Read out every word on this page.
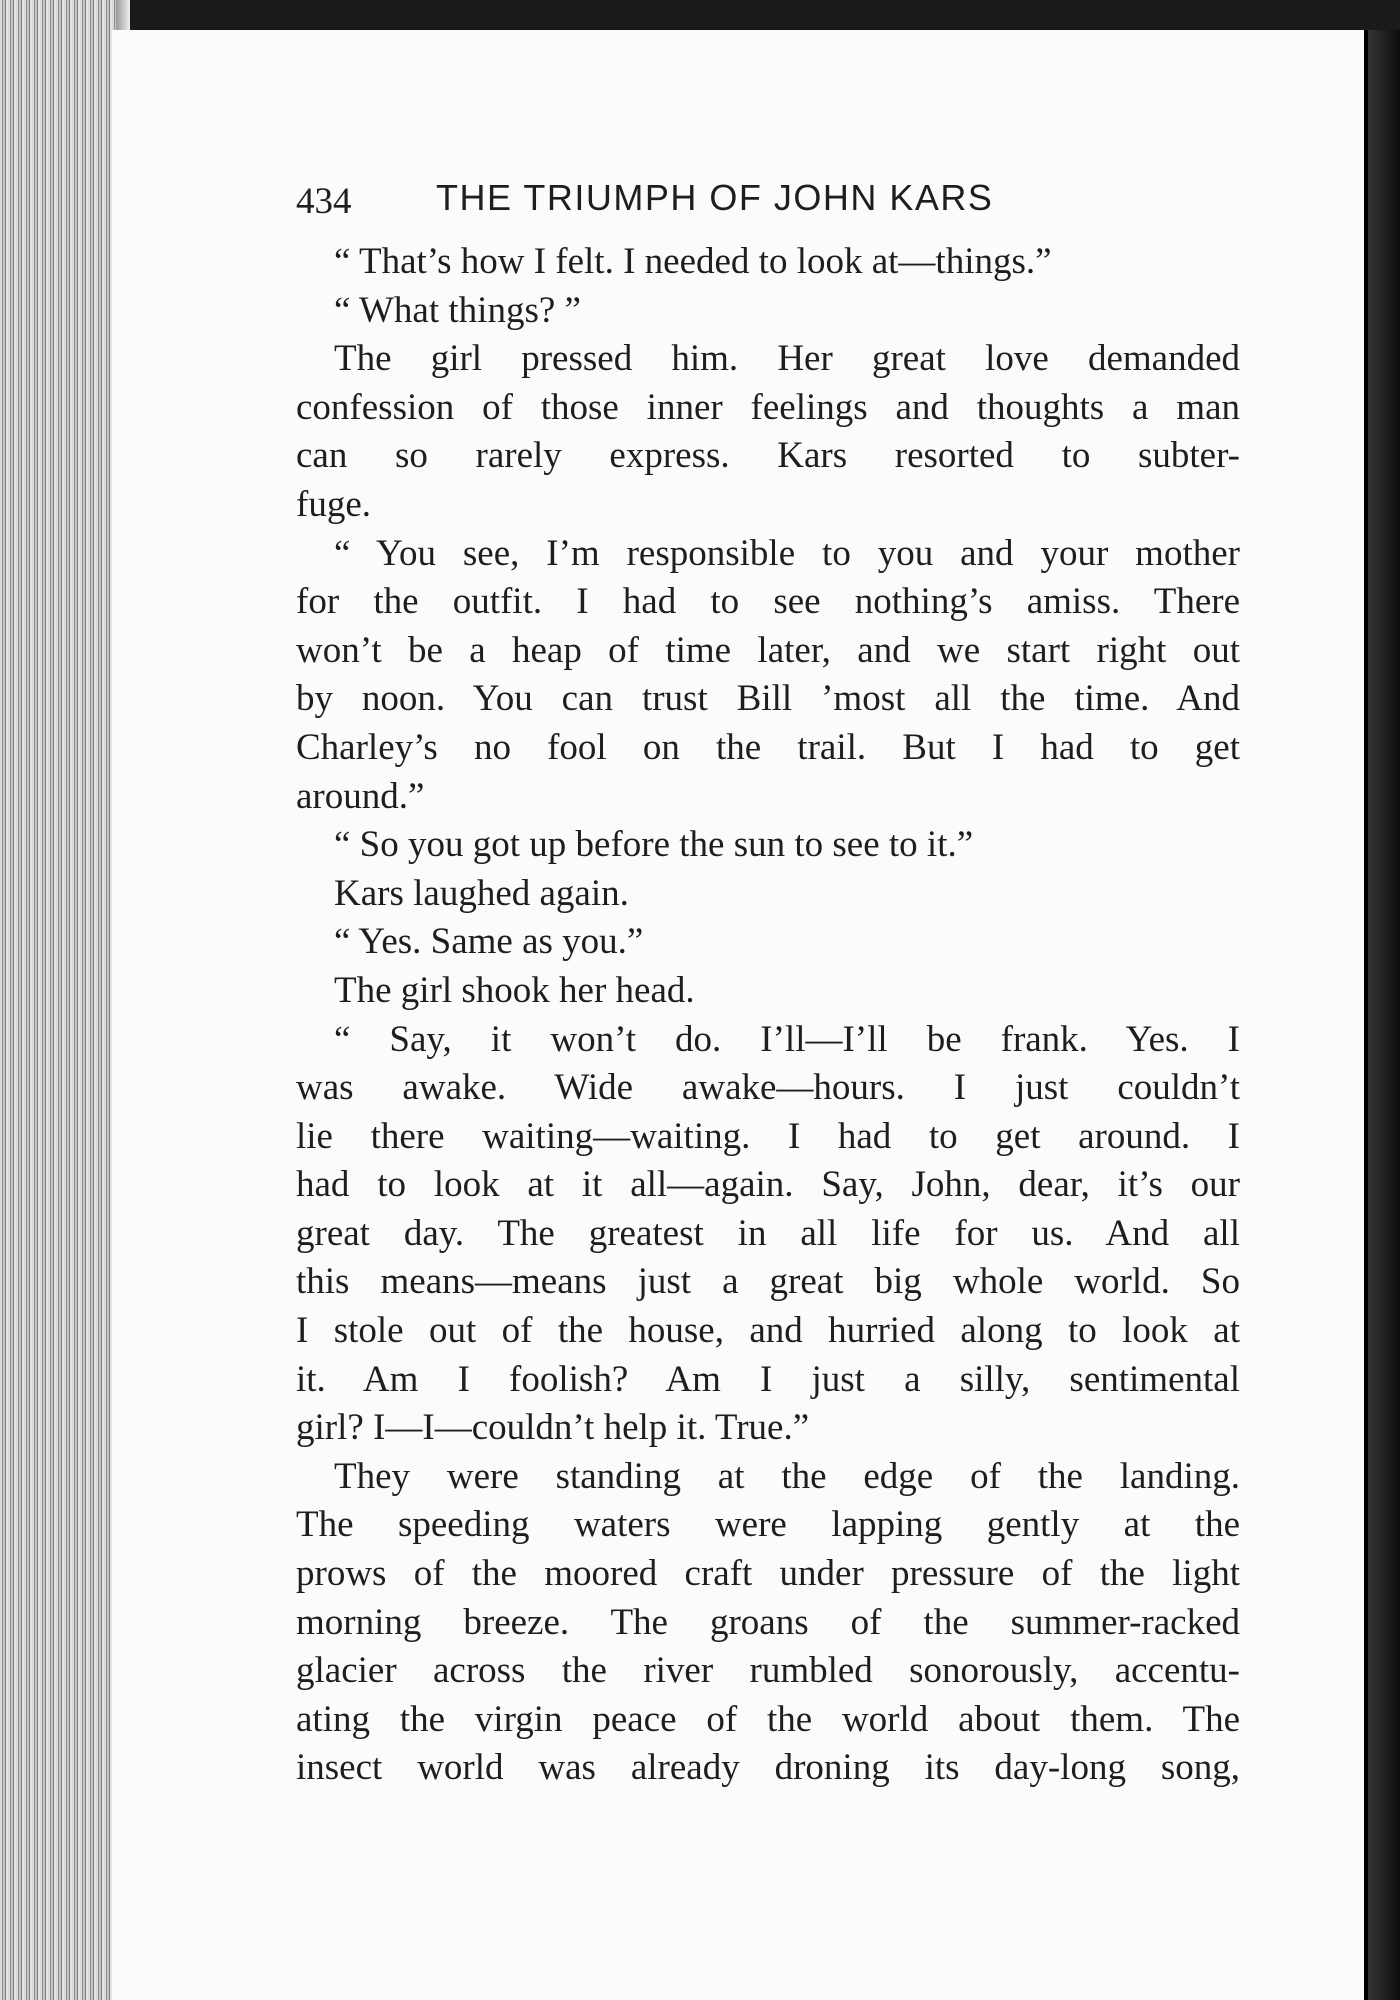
434 THE TRIUMPH OF JOHN KARS
“ That’s how I felt. I needed to look at—things.”
“ What things? ”
The girl pressed him. Her great love demanded
confession of those inner feelings and thoughts a man
can so rarely express. Kars resorted to subter-
fuge.
“ You see, I’m responsible to you and your mother
for the outfit. I had to see nothing’s amiss. There
won’t be a heap of time later, and we start right out
by noon. You can trust Bill ’most all the time. And
Charley’s no fool on the trail. But I had to get
around.”
“ So you got up before the sun to see to it.”
Kars laughed again.
“ Yes. Same as you.”
The girl shook her head.
“ Say, it won’t do. I’ll—I’ll be frank. Yes. I
was awake. Wide awake—hours. I just couldn’t
lie there waiting—waiting. I had to get around. I
had to look at it all—again. Say, John, dear, it’s our
great day. The greatest in all life for us. And all
this means—means just a great big whole world. So
I stole out of the house, and hurried along to look at
it. Am I foolish? Am I just a silly, sentimental
girl? I—I—couldn’t help it. True.”
They were standing at the edge of the landing.
The speeding waters were lapping gently at the
prows of the moored craft under pressure of the light
morning breeze. The groans of the summer-racked
glacier across the river rumbled sonorously, accentu-
ating the virgin peace of the world about them. The
insect world was already droning its day-long song,
